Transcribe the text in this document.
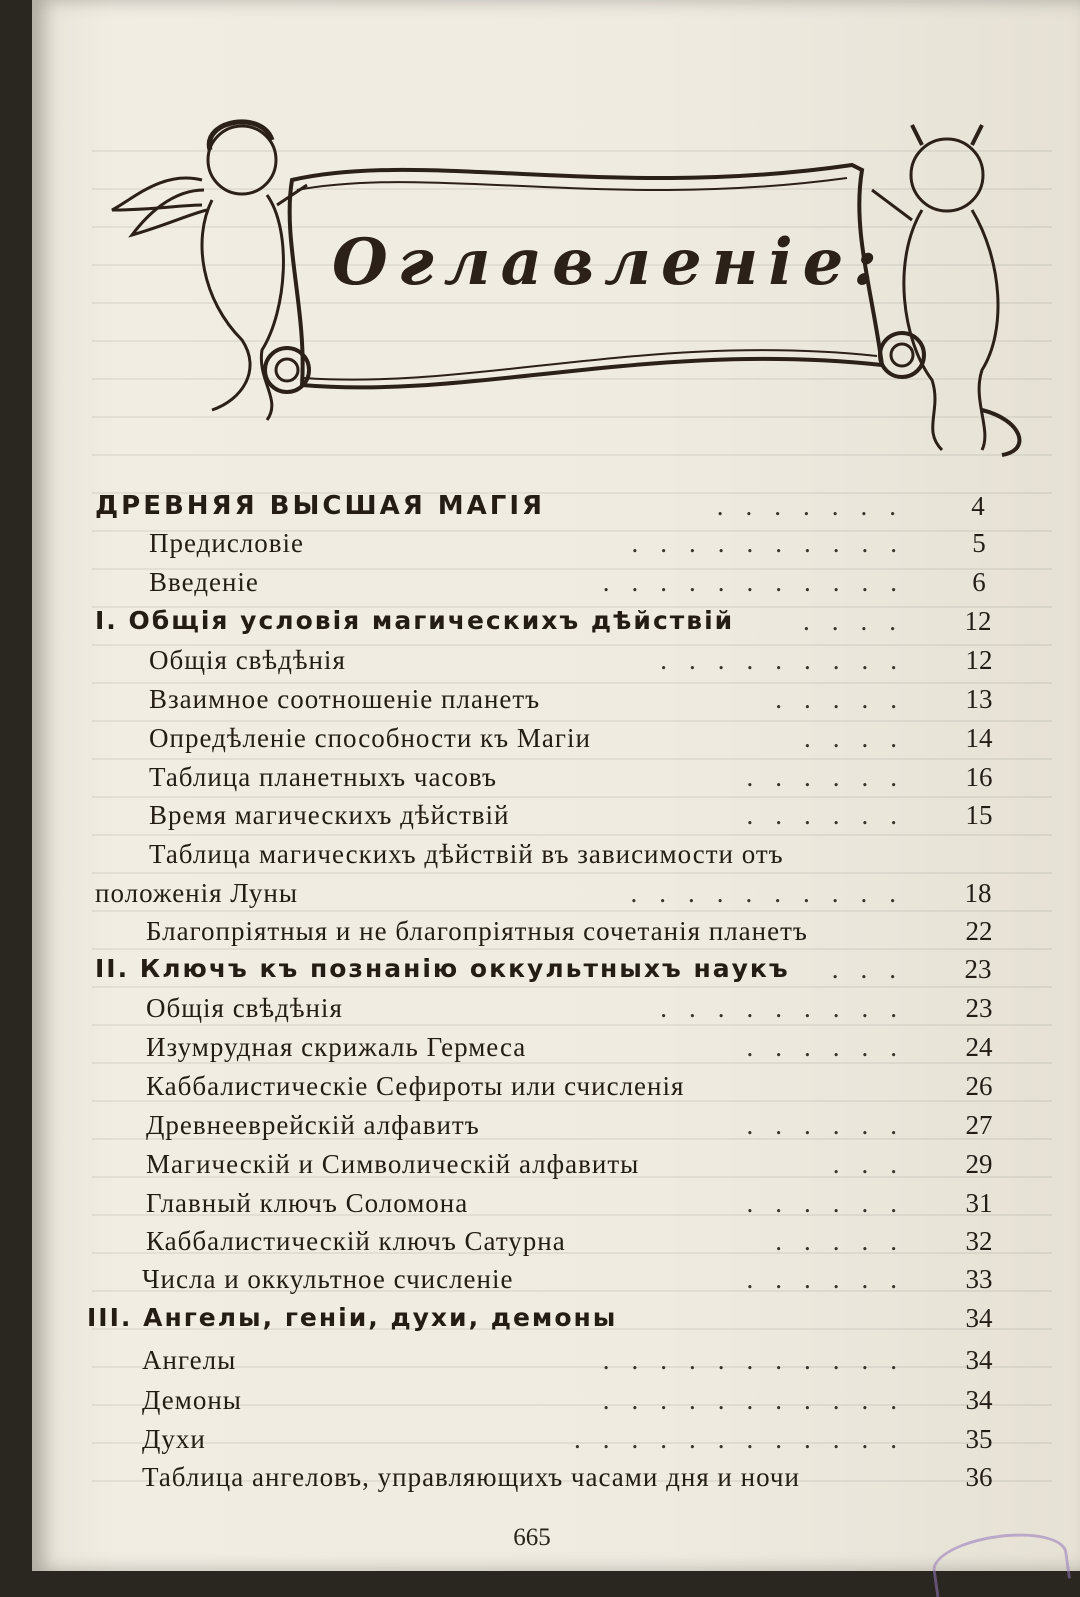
Оглавленіе:
ДРЕВНЯЯ ВЫСШАЯ МАГІЯ	.......	4
Предисловіе	..........	5
Введеніе	...........	6
I. Общія условія магическихъ дѣйствій	....	12
Общія свѣдѣнія	.........	12
Взаимное соотношеніе планетъ	.....	13
Опредѣленіе способности къ Магіи	....	14
Таблица планетныхъ часовъ	......	16
Время магическихъ дѣйствій	......	15
Таблица магическихъ дѣйствій въ зависимости отъ
положенія Луны	..........	18
Благопріятныя и не благопріятныя сочетанія планетъ	22
II. Ключъ къ познанію оккультныхъ наукъ	...	23
Общія свѣдѣнія	.........	23
Изумрудная скрижаль Гермеса	......	24
Каббалистическіе Сефироты или счисленія	26
Древнееврейскій алфавитъ	......	27
Магическій и Символическій алфавиты	...	29
Главный ключъ Соломона	......	31
Каббалистическій ключъ Сатурна	.....	32
Числа и оккультное счисленіе	......	33
III. Ангелы, геніи, духи, демоны	34
Ангелы	...........	34
Демоны	...........	34
Духи	............	35
Таблица ангеловъ, управляющихъ часами дня и ночи	36
665
